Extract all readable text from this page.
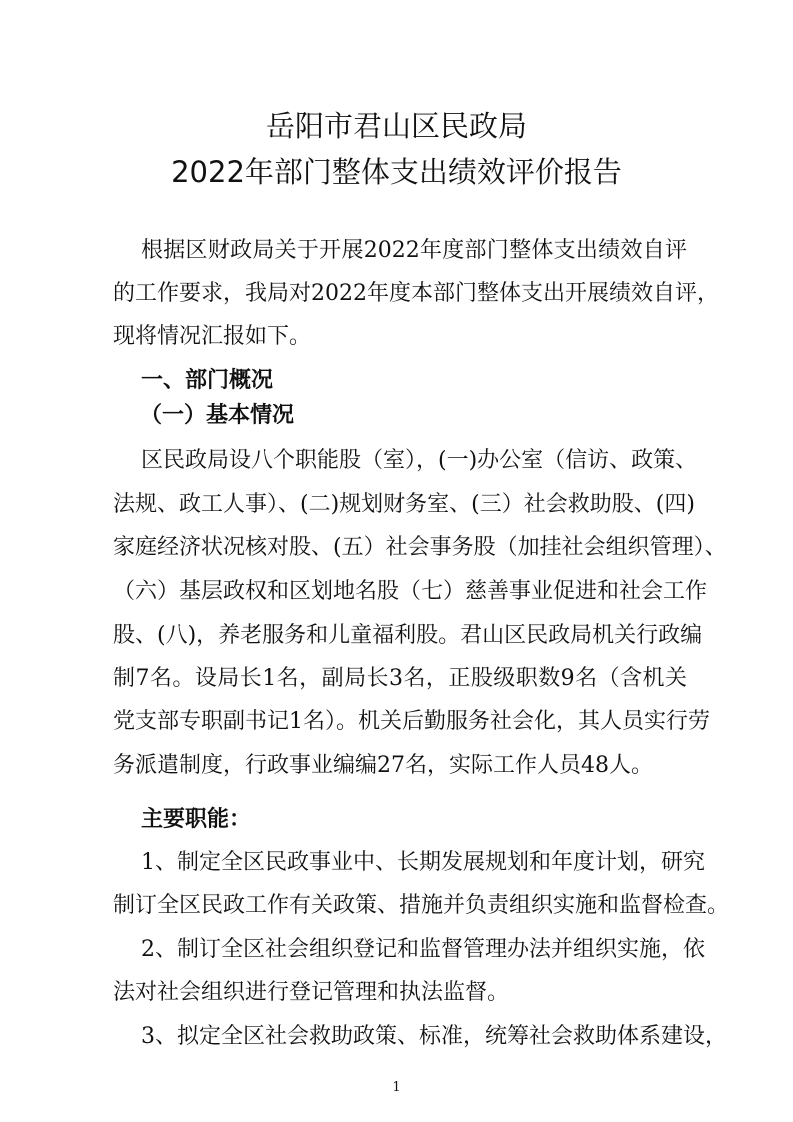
岳阳市君山区民政局
2022年部门整体支出绩效评价报告
根据区财政局关于开展2022年度部门整体支出绩效自评
的工作要求，我局对2022年度本部门整体支出开展绩效自评，
现将情况汇报如下。
一、部门概况
（一）基本情况
区民政局设八个职能股（室），(一)办公室（信访、政策、
法规、政工人事）、(二)规划财务室、(三）社会救助股、(四)
家庭经济状况核对股、(五）社会事务股（加挂社会组织管理）、
（六）基层政权和区划地名股（七）慈善事业促进和社会工作
股、(八)，养老服务和儿童福利股。君山区民政局机关行政编
制7名。设局长1名，副局长3名，正股级职数9名（含机关
党支部专职副书记1名）。机关后勤服务社会化，其人员实行劳
务派遣制度，行政事业编编27名，实际工作人员48人。
主要职能：
1、制定全区民政事业中、长期发展规划和年度计划，研究
制订全区民政工作有关政策、措施并负责组织实施和监督检查。
2、制订全区社会组织登记和监督管理办法并组织实施，依
法对社会组织进行登记管理和执法监督。
3、拟定全区社会救助政策、标准，统筹社会救助体系建设，
1
